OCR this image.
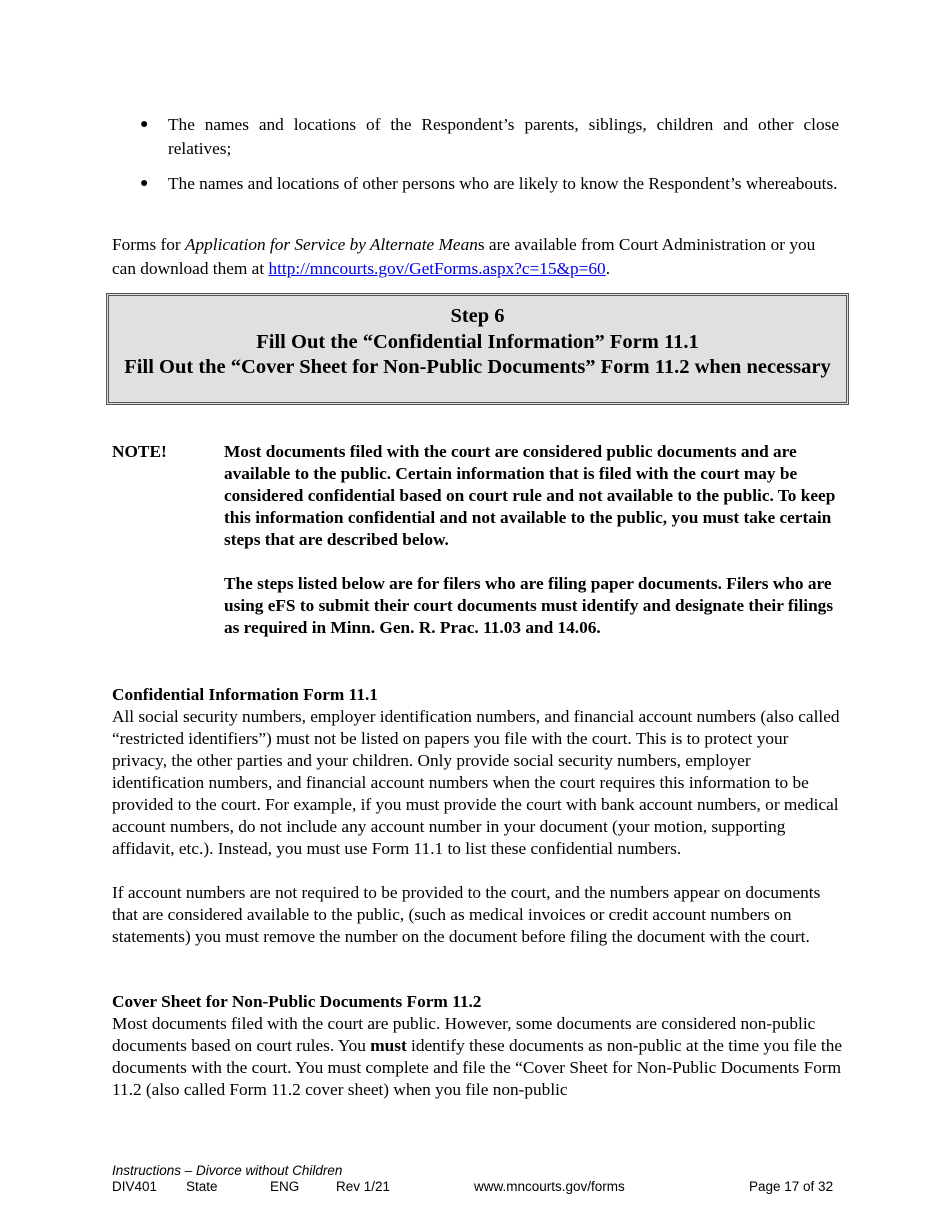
●	The names and locations of the Respondent’s parents, siblings, children and other close relatives;
●	The names and locations of other persons who are likely to know the Respondent’s whereabouts.
Forms for Application for Service by Alternate Means are available from Court Administration or you can download them at http://mncourts.gov/GetForms.aspx?c=15&p=60.
Step 6
Fill Out the “Confidential Information” Form 11.1
Fill Out the “Cover Sheet for Non-Public Documents” Form 11.2 when necessary
NOTE!	Most documents filed with the court are considered public documents and are available to the public. Certain information that is filed with the court may be considered confidential based on court rule and not available to the public. To keep this information confidential and not available to the public, you must take certain steps that are described below.

The steps listed below are for filers who are filing paper documents. Filers who are using eFS to submit their court documents must identify and designate their filings as required in Minn. Gen. R. Prac. 11.03 and 14.06.

Confidential Information Form 11.1

All social security numbers, employer identification numbers, and financial account numbers (also called “restricted identifiers”) must not be listed on papers you file with the court. This is to protect your privacy, the other parties and your children. Only provide social security numbers, employer identification numbers, and financial account numbers when the court requires this information to be provided to the court. For example, if you must provide the court with bank account numbers, or medical account numbers, do not include any account number in your document (your motion, supporting affidavit, etc.). Instead, you must use Form 11.1 to list these confidential numbers.

If account numbers are not required to be provided to the court, and the numbers appear on documents that are considered available to the public, (such as medical invoices or credit account numbers on statements) you must remove the number on the document before filing the document with the court.

Cover Sheet for Non-Public Documents Form 11.2

Most documents filed with the court are public. However, some documents are considered non-public documents based on court rules. You must identify these documents as non-public at the time you file the documents with the court. You must complete and file the “Cover Sheet for Non-Public Documents Form 11.2 (also called Form 11.2 cover sheet) when you file non-public

Instructions – Divorce without Children
DIV401 State	ENG	Rev 1/21	www.mncourts.gov/forms	Page 17 of 32
